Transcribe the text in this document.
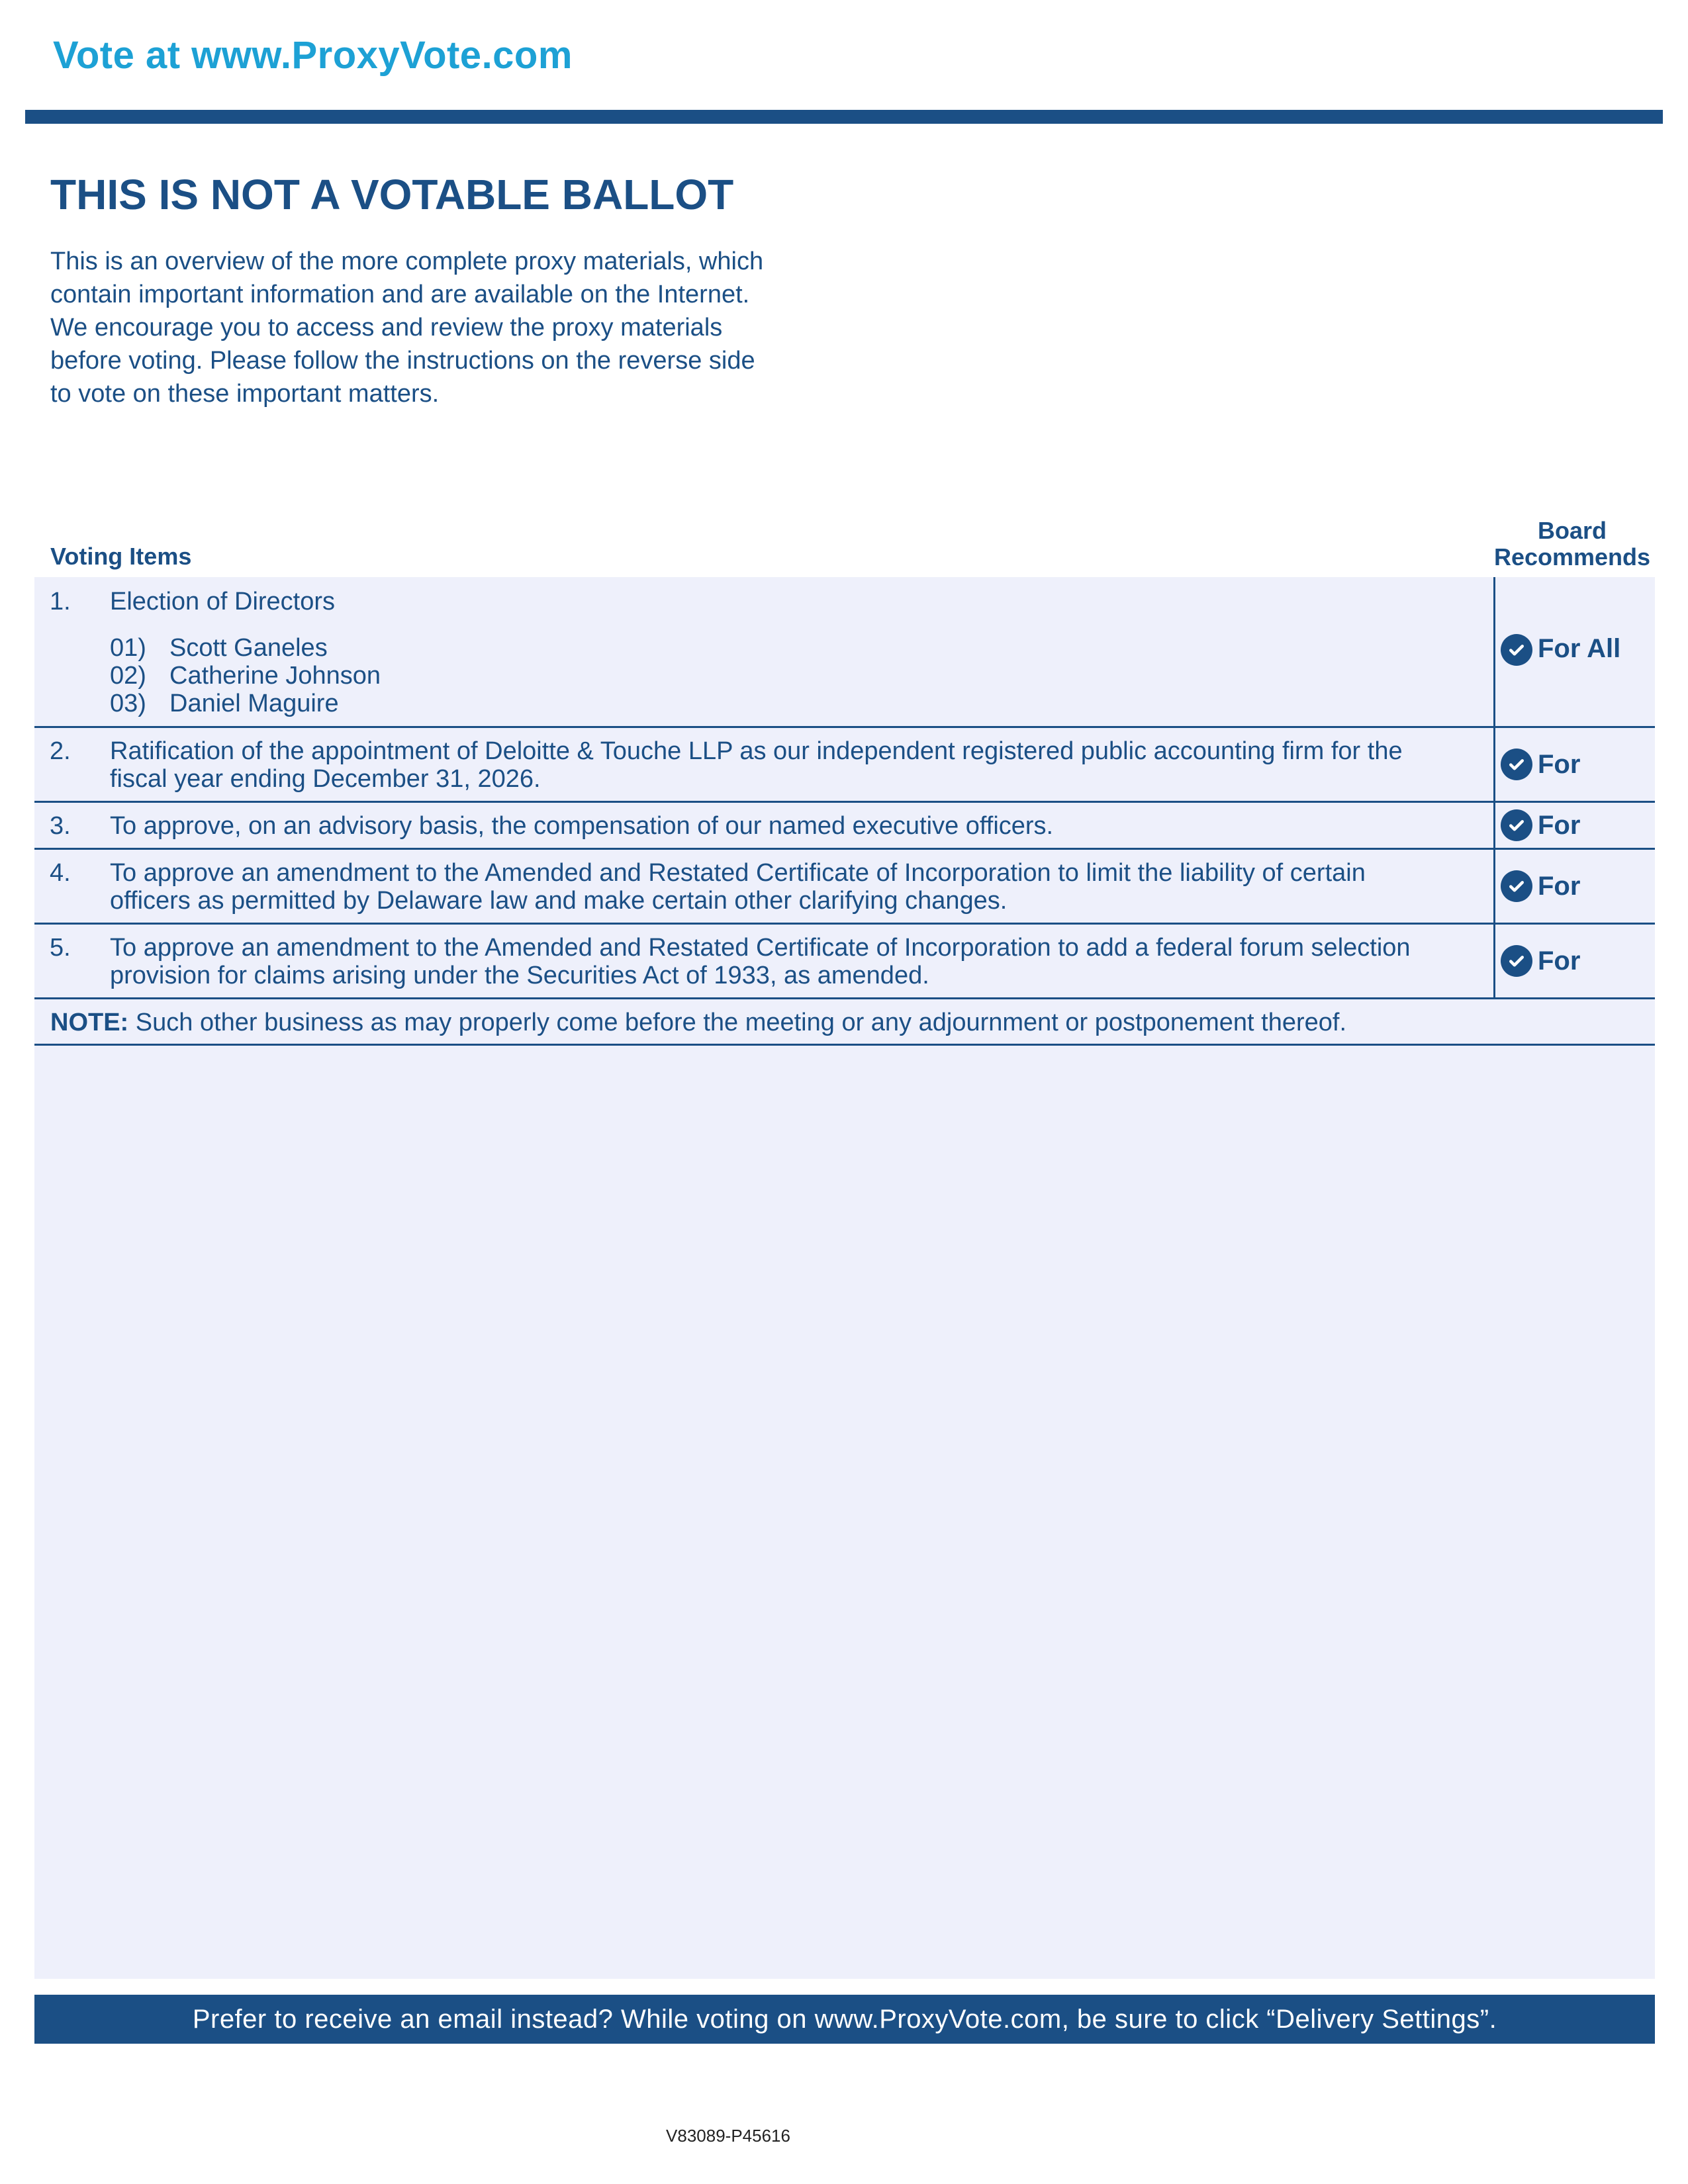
Vote at www.ProxyVote.com
THIS IS NOT A VOTABLE BALLOT
This is an overview of the more complete proxy materials, which
contain important information and are available on the Internet.
We encourage you to access and review the proxy materials
before voting. Please follow the instructions on the reverse side
to vote on these important matters.
Voting Items
Board
Recommends
1. Election of Directors
01) Scott Ganeles
02) Catherine Johnson
03) Daniel Maguire
For All
2. Ratification of the appointment of Deloitte & Touche LLP as our independent registered public accounting firm for the
fiscal year ending December 31, 2026.
For
3. To approve, on an advisory basis, the compensation of our named executive officers.	For
4. To approve an amendment to the Amended and Restated Certificate of Incorporation to limit the liability of certain
officers as permitted by Delaware law and make certain other clarifying changes.
For
5. To approve an amendment to the Amended and Restated Certificate of Incorporation to add a federal forum selection
provision for claims arising under the Securities Act of 1933, as amended.
For
NOTE: Such other business as may properly come before the meeting or any adjournment or postponement thereof.
Prefer to receive an email instead? While voting on www.ProxyVote.com, be sure to click “Delivery Settings”.
V83089-P45616
